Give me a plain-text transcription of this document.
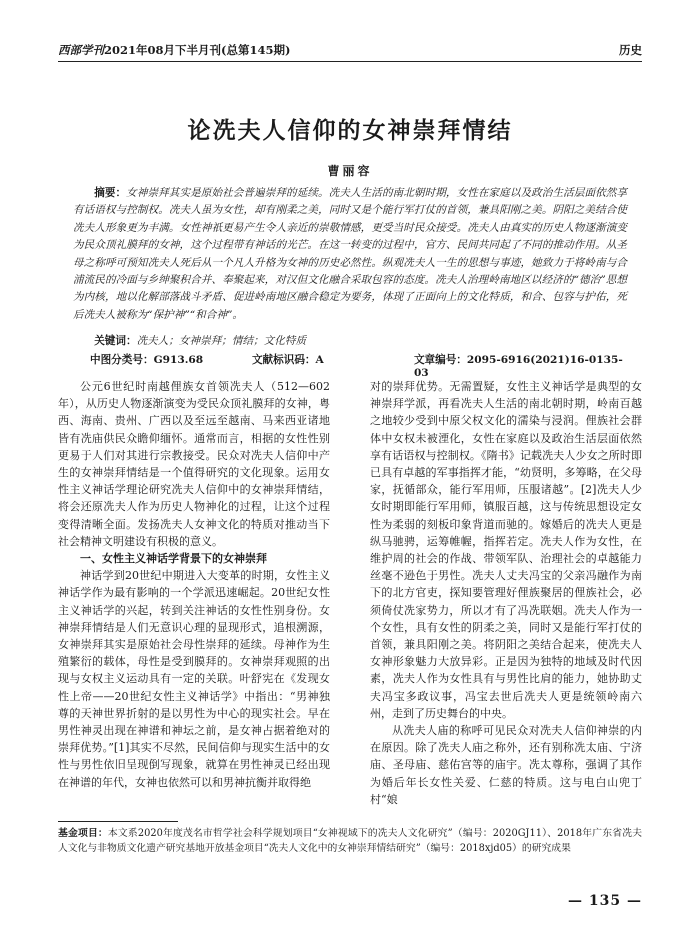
西部学刊2021年08月下半月刊(总第145期)	历史
论冼夫人信仰的女神崇拜情结
曹丽容
摘要：女神崇拜其实是原始社会普遍崇拜的延续。冼夫人生活的南北朝时期，女性在家庭以及政治生活层面依然享有话语权与控制权。冼夫人虽为女性，却有刚柔之美，同时又是个能行军打仗的首领，兼具阳刚之美。阴阳之美结合使冼夫人形象更为丰满。女性神祇更易产生令人亲近的崇敬情感，更受当时民众接受。冼夫人由真实的历史人物逐渐演变为民众顶礼膜拜的女神，这个过程带有神话的光芒。在这一转变的过程中，官方、民间共同起了不同的推动作用。从圣母之称呼可预知冼夫人死后从一个凡人升格为女神的历史必然性。纵观冼夫人一生的思想与事迹，她致力于将岭南与合浦流民的冷面与乡绅聚积合并、奉聚起来，对汉但文化融合采取包容的态度。冼夫人治理岭南地区以经济的“德治”思想为内核，地以化解部落战斗矛盾、促进岭南地区融合稳定为要务，体现了正面向上的文化特质，和合、包容与护佑，死后冼夫人被称为“保护神”“和合神”。
关键词：冼夫人；女神崇拜；情结；文化特质
中图分类号：G913.68	文献标识码：A	文章编号：2095-6916(2021)16-0135-03

公元6世纪时南越俚族女首领冼夫人（512—602年），从历史人物逐渐演变为受民众顶礼膜拜的女神，粤西、海南、贵州、广西以及至远至越南、马来西亚诸地皆有冼庙供民众瞻仰缅怀。通常而言，相据的女性性别更易于人们对其进行宗教接受。民众对冼夫人信仰中产生的女神崇拜情结是一个值得研究的文化现象。运用女性主义神话学理论研究冼夫人信仰中的女神崇拜情结，将会还原冼夫人作为历史人物神化的过程，让这个过程变得清晰全面。发扬冼夫人女神文化的特质对推动当下社会精神文明建设有积极的意义。

一、女性主义神话学背景下的女神崇拜

神话学到20世纪中期进入大变革的时期，女性主义神话学作为最有影响的一个学派迅速崛起。20世纪女性主义神话学的兴起，转到关注神话的女性性别身份。女神崇拜情结是人们无意识心理的显现形式，追根溯源，女神崇拜其实是原始社会母性崇拜的延续。母神作为生殖繁衍的载体，母性是受到膜拜的。女神崇拜观照的出现与女权主义运动具有一定的关联。叶舒宪在《发现女性上帝——20世纪女性主义神话学》中指出：“男神独尊的天神世界折射的是以男性为中心的现实社会。早在男性神灵出现在神谱和神坛之前，是女神占据着绝对的崇拜优势。”[1]其实不尽然，民间信仰与现实生活中的女性与男性依旧呈现倒写现象，就算在男性神灵已经出现在神谱的年代，女神也依然可以和男神抗衡并取得绝

对的崇拜优势。无需置疑，女性主义神话学是典型的女神崇拜学派，再看冼夫人生活的南北朝时期，岭南百越之地较少受到中原父权文化的濡染与浸润。俚族社会群体中女权未被湮化，女性在家庭以及政治生活层面依然享有话语权与控制权。《隋书》记载冼夫人少女之所时即已具有卓越的军事指挥才能，“幼贤明，多筹略，在父母家，抚循部众，能行军用师，压服诸越”。[2]冼夫人少女时期即能行军用师，镇服百越，这与传统思想设定女性为柔弱的刻板印象背道而驰的。嫁婚后的冼夫人更是纵马驰骋，运筹帷幄，指挥若定。冼夫人作为女性，在维护周的社会的作战、带领军队、治理社会的卓越能力丝毫不逊色于男性。冼夫人丈夫冯宝的父亲冯融作为南下的北方官吏，探知要管理好俚族聚居的俚族社会，必须倚仗冼家势力，所以才有了冯冼联姻。冼夫人作为一个女性，具有女性的阴柔之美，同时又是能行军打仗的首领，兼具阳刚之美。将阴阳之美结合起来，使冼夫人女神形象魅力大放异彩。正是因为独特的地域及时代因素，冼夫人作为女性具有与男性比肩的能力，她协助丈夫冯宝多政议事，冯宝去世后冼夫人更是统领岭南六州，走到了历史舞台的中央。

从冼夫人庙的称呼可见民众对冼夫人信仰神崇的内在原因。除了冼夫人庙之称外，还有别称冼太庙、宁济庙、圣母庙、慈佑宫等的庙宇。冼太尊称，强调了其作为婚后年长女性关爱、仁慈的特质。这与电白山兜丁村“娘

基金项目：本文系2020年度茂名市哲学社会科学规划项目“女神视域下的冼夫人文化研究”（编号：2020GJ11）、2018年广东省冼夫人文化与非物质文化遗产研究基地开放基金项目“冼夫人文化中的女神崇拜情结研究”（编号：2018xjd05）的研究成果
— 135 —
